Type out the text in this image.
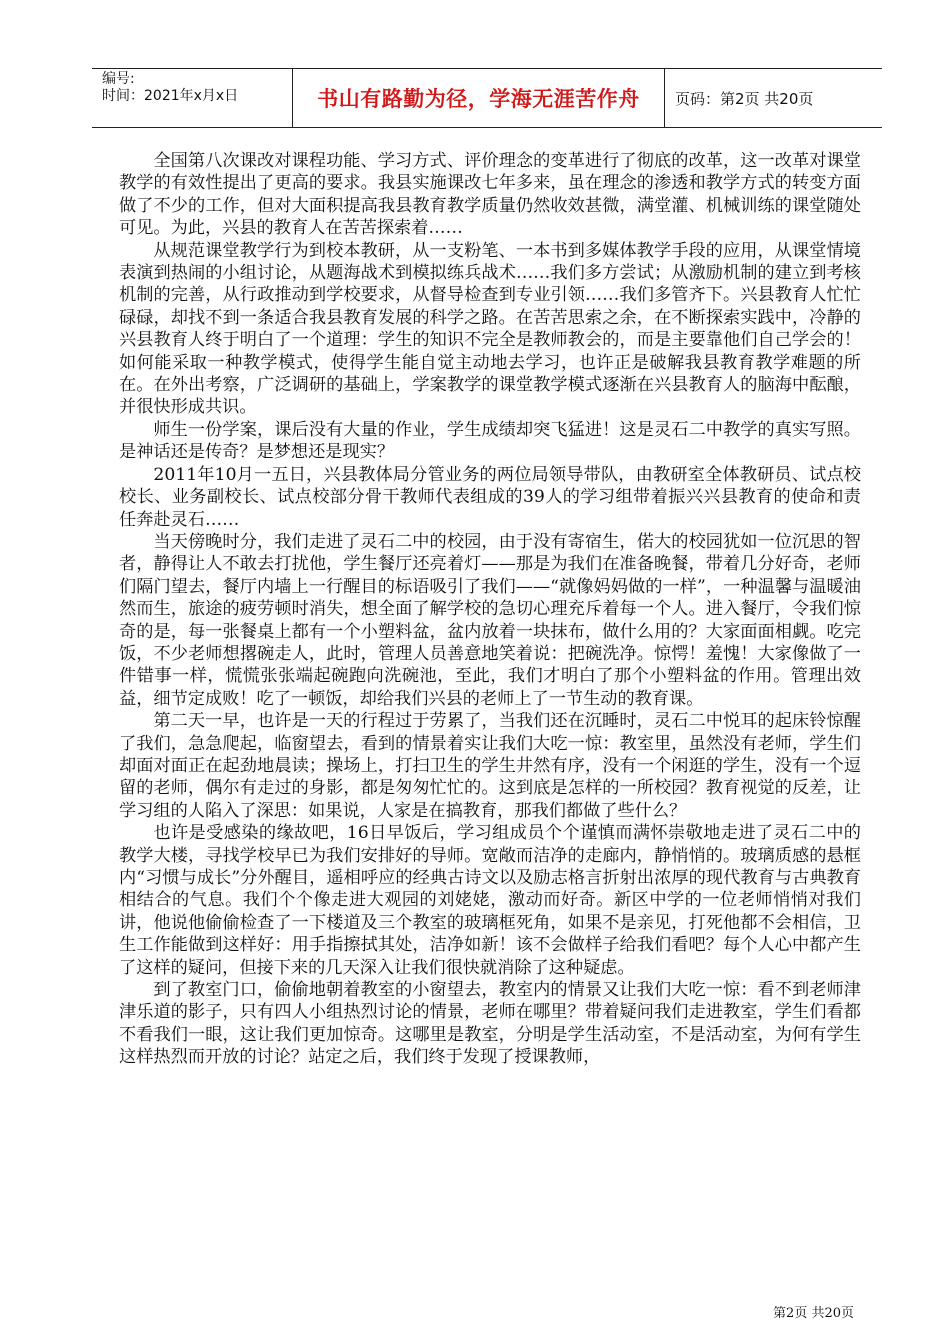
编号:
时间：2021年x月x日	书山有路勤为径，学海无涯苦作舟	页码：第2页 共20页

全国第八次课改对课程功能、学习方式、评价理念的变革进行了彻底的改革，这一改革对课堂教学的有效性提出了更高的要求。我县实施课改七年多来，虽在理念的渗透和教学方式的转变方面做了不少的工作，但对大面积提高我县教育教学质量仍然收效甚微，满堂灌、机械训练的课堂随处可见。为此，兴县的教育人在苦苦探索着……

从规范课堂教学行为到校本教研，从一支粉笔、一本书到多媒体教学手段的应用，从课堂情境表演到热闹的小组讨论，从题海战术到模拟练兵战术……我们多方尝试；从激励机制的建立到考核机制的完善，从行政推动到学校要求，从督导检查到专业引领……我们多管齐下。兴县教育人忙忙碌碌，却找不到一条适合我县教育发展的科学之路。在苦苦思索之余，在不断探索实践中，冷静的兴县教育人终于明白了一个道理：学生的知识不完全是教师教会的，而是主要靠他们自己学会的！如何能采取一种教学模式，使得学生能自觉主动地去学习，也许正是破解我县教育教学难题的所在。在外出考察，广泛调研的基础上，学案教学的课堂教学模式逐渐在兴县教育人的脑海中酝酿，并很快形成共识。

师生一份学案，课后没有大量的作业，学生成绩却突飞猛进！这是灵石二中教学的真实写照。是神话还是传奇？是梦想还是现实？

2011年10月一五日，兴县教体局分管业务的两位局领导带队，由教研室全体教研员、试点校校长、业务副校长、试点校部分骨干教师代表组成的39人的学习组带着振兴兴县教育的使命和责任奔赴灵石……

当天傍晚时分，我们走进了灵石二中的校园，由于没有寄宿生，偌大的校园犹如一位沉思的智者，静得让人不敢去打扰他，学生餐厅还亮着灯——那是为我们在准备晚餐，带着几分好奇，老师们隔门望去，餐厅内墙上一行醒目的标语吸引了我们——“就像妈妈做的一样”，一种温馨与温暖油然而生，旅途的疲劳顿时消失，想全面了解学校的急切心理充斥着每一个人。进入餐厅，令我们惊奇的是，每一张餐桌上都有一个小塑料盆，盆内放着一块抹布，做什么用的？大家面面相觑。吃完饭，不少老师想撂碗走人，此时，管理人员善意地笑着说：把碗洗净。惊愕！羞愧！大家像做了一件错事一样，慌慌张张端起碗跑向洗碗池，至此，我们才明白了那个小塑料盆的作用。管理出效益，细节定成败！吃了一顿饭，却给我们兴县的老师上了一节生动的教育课。

第二天一早，也许是一天的行程过于劳累了，当我们还在沉睡时，灵石二中悦耳的起床铃惊醒了我们，急急爬起，临窗望去，看到的情景着实让我们大吃一惊：教室里，虽然没有老师，学生们却面对面正在起劲地晨读；操场上，打扫卫生的学生井然有序，没有一个闲逛的学生，没有一个逗留的老师，偶尔有走过的身影，都是匆匆忙忙的。这到底是怎样的一所校园？教育视觉的反差，让学习组的人陷入了深思：如果说，人家是在搞教育，那我们都做了些什么？

也许是受感染的缘故吧，16日早饭后，学习组成员个个谨慎而满怀崇敬地走进了灵石二中的教学大楼，寻找学校早已为我们安排好的导师。宽敞而洁净的走廊内，静悄悄的。玻璃质感的悬框内“习惯与成长”分外醒目，遥相呼应的经典古诗文以及励志格言折射出浓厚的现代教育与古典教育相结合的气息。我们个个像走进大观园的刘姥姥，激动而好奇。新区中学的一位老师悄悄对我们讲，他说他偷偷检查了一下楼道及三个教室的玻璃框死角，如果不是亲见，打死他都不会相信，卫生工作能做到这样好：用手指擦拭其处，洁净如新！该不会做样子给我们看吧？每个人心中都产生了这样的疑问，但接下来的几天深入让我们很快就消除了这种疑虑。

到了教室门口，偷偷地朝着教室的小窗望去，教室内的情景又让我们大吃一惊：看不到老师津津乐道的影子，只有四人小组热烈讨论的情景，老师在哪里？带着疑问我们走进教室，学生们看都不看我们一眼，这让我们更加惊奇。这哪里是教室，分明是学生活动室，不是活动室，为何有学生这样热烈而开放的讨论？站定之后，我们终于发现了授课教师，

第2页 共20页
